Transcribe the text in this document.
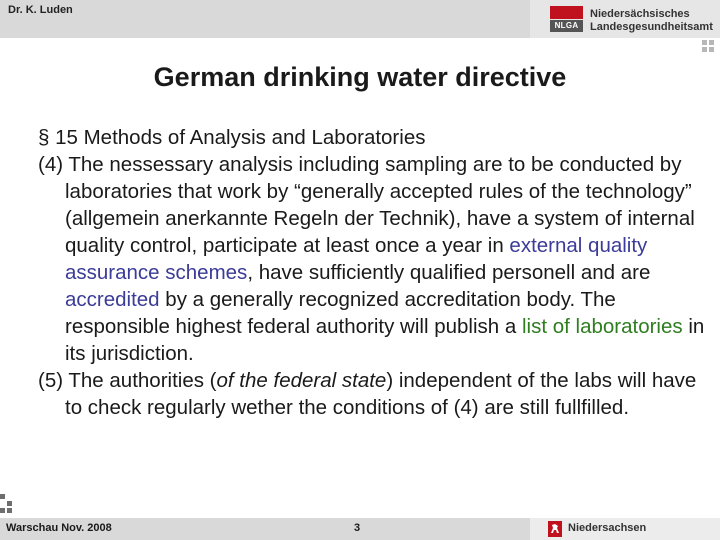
Dr. K. Luden
NLGA
Niedersächsisches
Landesgesundheitsamt
German drinking water directive

§ 15 Methods of Analysis and Laboratories

(4) The nessessary analysis including sampling are to be conducted by laboratories that work by “generally accepted rules of the technology” (allgemein anerkannte Regeln der Technik), have a system of internal quality control, participate at least once a year in external quality assurance schemes, have sufficiently qualified personell and are accredited by a generally recognized accreditation body. The responsible highest federal authority will publish a list of laboratories in its jurisdiction.

(5) The authorities (of the federal state) independent of the labs will have to check regularly wether the conditions of (4) are still fullfilled.

Warschau Nov. 2008	3	Niedersachsen
